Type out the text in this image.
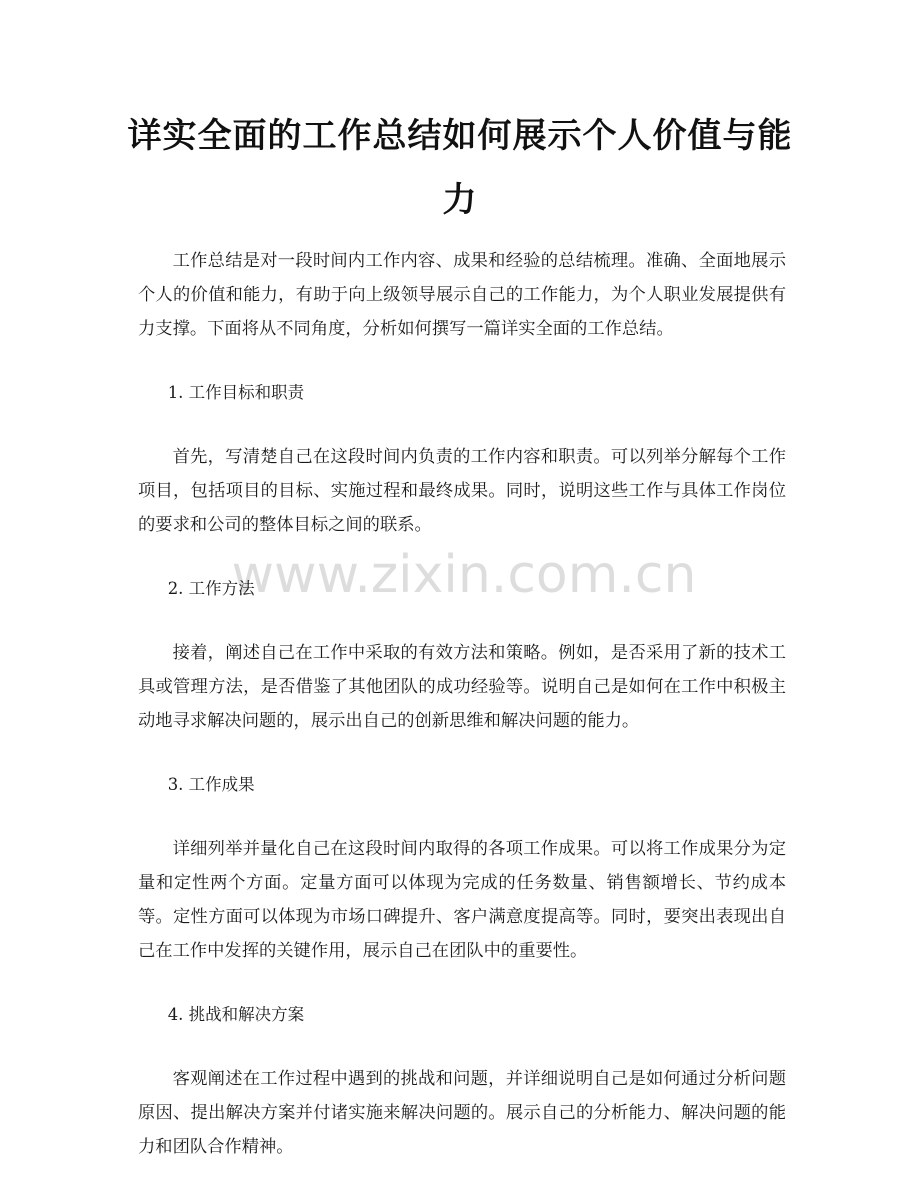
详实全面的工作总结如何展示个人价值与能力

工作总结是对一段时间内工作内容、成果和经验的总结梳理。准确、全面地展示个人的价值和能力，有助于向上级领导展示自己的工作能力，为个人职业发展提供有力支撑。下面将从不同角度，分析如何撰写一篇详实全面的工作总结。

1. 工作目标和职责

首先，写清楚自己在这段时间内负责的工作内容和职责。可以列举分解每个工作项目，包括项目的目标、实施过程和最终成果。同时，说明这些工作与具体工作岗位的要求和公司的整体目标之间的联系。

2. 工作方法

接着，阐述自己在工作中采取的有效方法和策略。例如，是否采用了新的技术工具或管理方法，是否借鉴了其他团队的成功经验等。说明自己是如何在工作中积极主动地寻求解决问题的，展示出自己的创新思维和解决问题的能力。

3. 工作成果

详细列举并量化自己在这段时间内取得的各项工作成果。可以将工作成果分为定量和定性两个方面。定量方面可以体现为完成的任务数量、销售额增长、节约成本等。定性方面可以体现为市场口碑提升、客户满意度提高等。同时，要突出表现出自己在工作中发挥的关键作用，展示自己在团队中的重要性。

4. 挑战和解决方案

客观阐述在工作过程中遇到的挑战和问题，并详细说明自己是如何通过分析问题原因、提出解决方案并付诸实施来解决问题的。展示自己的分析能力、解决问题的能力和团队合作精神。

www.zixin.com.cn
